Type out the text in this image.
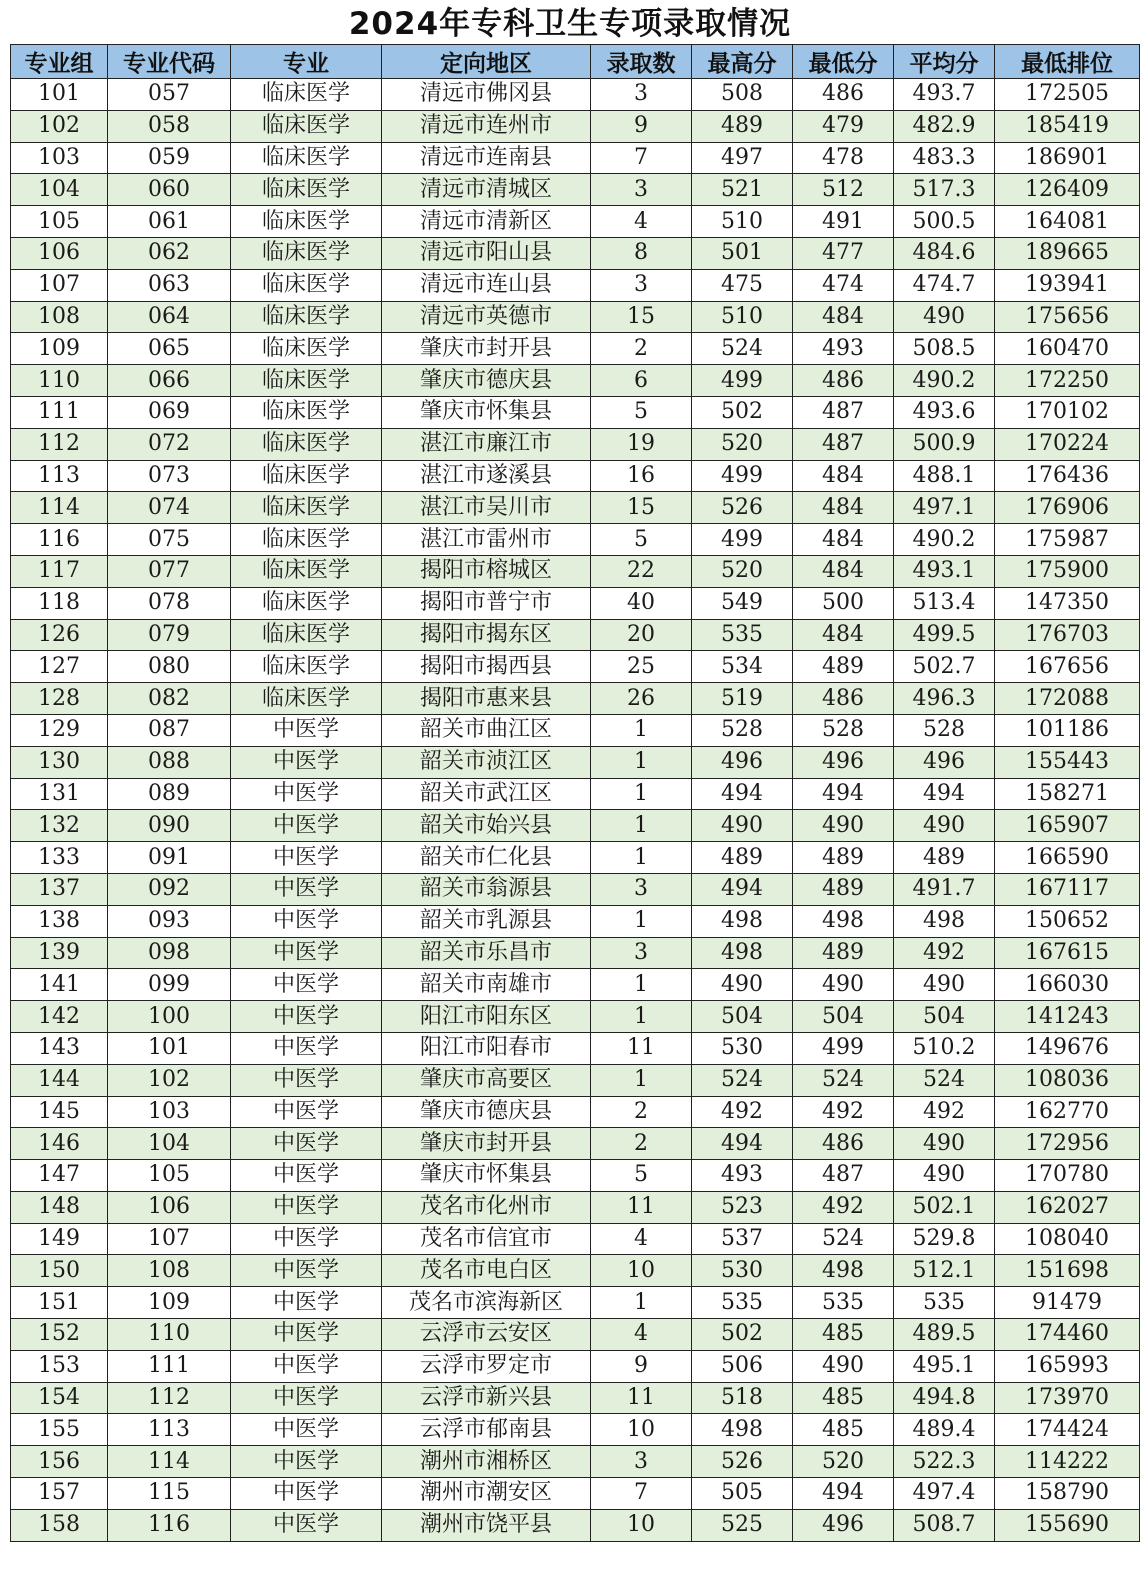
2024年专科卫生专项录取情况
专业组	专业代码	专业	定向地区	录取数	最高分	最低分	平均分	最低排位
101	057	临床医学	清远市佛冈县	3	508	486	493.7	172505
102	058	临床医学	清远市连州市	9	489	479	482.9	185419
103	059	临床医学	清远市连南县	7	497	478	483.3	186901
104	060	临床医学	清远市清城区	3	521	512	517.3	126409
105	061	临床医学	清远市清新区	4	510	491	500.5	164081
106	062	临床医学	清远市阳山县	8	501	477	484.6	189665
107	063	临床医学	清远市连山县	3	475	474	474.7	193941
108	064	临床医学	清远市英德市	15	510	484	490	175656
109	065	临床医学	肇庆市封开县	2	524	493	508.5	160470
110	066	临床医学	肇庆市德庆县	6	499	486	490.2	172250
111	069	临床医学	肇庆市怀集县	5	502	487	493.6	170102
112	072	临床医学	湛江市廉江市	19	520	487	500.9	170224
113	073	临床医学	湛江市遂溪县	16	499	484	488.1	176436
114	074	临床医学	湛江市吴川市	15	526	484	497.1	176906
116	075	临床医学	湛江市雷州市	5	499	484	490.2	175987
117	077	临床医学	揭阳市榕城区	22	520	484	493.1	175900
118	078	临床医学	揭阳市普宁市	40	549	500	513.4	147350
126	079	临床医学	揭阳市揭东区	20	535	484	499.5	176703
127	080	临床医学	揭阳市揭西县	25	534	489	502.7	167656
128	082	临床医学	揭阳市惠来县	26	519	486	496.3	172088
129	087	中医学	韶关市曲江区	1	528	528	528	101186
130	088	中医学	韶关市浈江区	1	496	496	496	155443
131	089	中医学	韶关市武江区	1	494	494	494	158271
132	090	中医学	韶关市始兴县	1	490	490	490	165907
133	091	中医学	韶关市仁化县	1	489	489	489	166590
137	092	中医学	韶关市翁源县	3	494	489	491.7	167117
138	093	中医学	韶关市乳源县	1	498	498	498	150652
139	098	中医学	韶关市乐昌市	3	498	489	492	167615
141	099	中医学	韶关市南雄市	1	490	490	490	166030
142	100	中医学	阳江市阳东区	1	504	504	504	141243
143	101	中医学	阳江市阳春市	11	530	499	510.2	149676
144	102	中医学	肇庆市高要区	1	524	524	524	108036
145	103	中医学	肇庆市德庆县	2	492	492	492	162770
146	104	中医学	肇庆市封开县	2	494	486	490	172956
147	105	中医学	肇庆市怀集县	5	493	487	490	170780
148	106	中医学	茂名市化州市	11	523	492	502.1	162027
149	107	中医学	茂名市信宜市	4	537	524	529.8	108040
150	108	中医学	茂名市电白区	10	530	498	512.1	151698
151	109	中医学	茂名市滨海新区	1	535	535	535	91479
152	110	中医学	云浮市云安区	4	502	485	489.5	174460
153	111	中医学	云浮市罗定市	9	506	490	495.1	165993
154	112	中医学	云浮市新兴县	11	518	485	494.8	173970
155	113	中医学	云浮市郁南县	10	498	485	489.4	174424
156	114	中医学	潮州市湘桥区	3	526	520	522.3	114222
157	115	中医学	潮州市潮安区	7	505	494	497.4	158790
158	116	中医学	潮州市饶平县	10	525	496	508.7	155690
